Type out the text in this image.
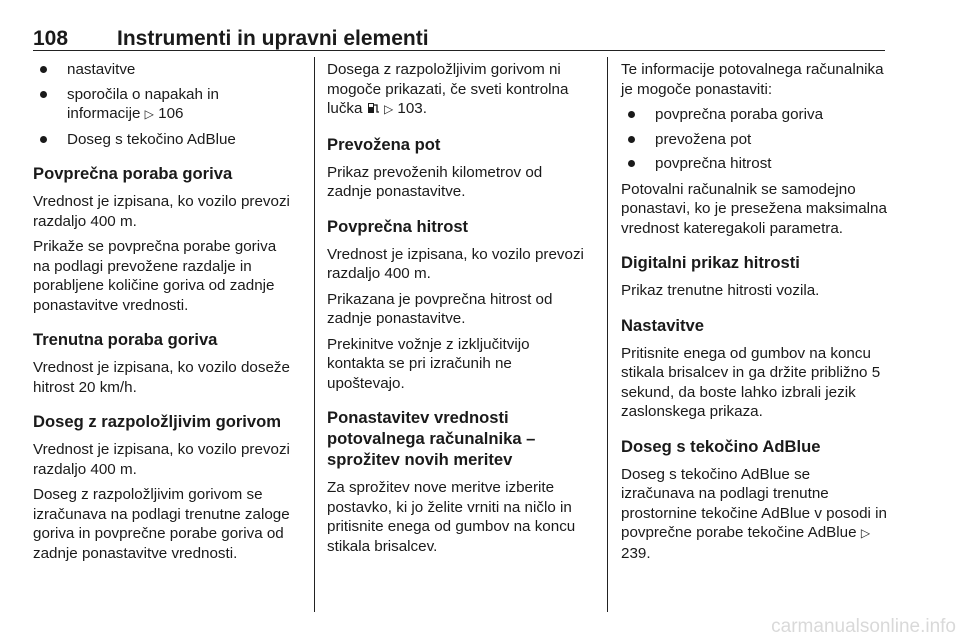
108 Instrumenti in upravni elementi
nastavitve
sporočila o napakah in informacije ▷ 106
Doseg s tekočino AdBlue
Povprečna poraba goriva

Vrednost je izpisana, ko vozilo prevozi razdaljo 400 m.

Prikaže se povprečna porabe goriva na podlagi prevožene razdalje in porabljene količine goriva od zadnje ponastavitve vrednosti.

Trenutna poraba goriva

Vrednost je izpisana, ko vozilo doseže hitrost 20 km/h.

Doseg z razpoložljivim gorivom

Vrednost je izpisana, ko vozilo prevozi razdaljo 400 m.

Doseg z razpoložljivim gorivom se izračunava na podlagi trenutne zaloge goriva in povprečne porabe goriva od zadnje ponastavitve vrednosti.

Dosega z razpoložljivim gorivom ni mogoče prikazati, če sveti kontrolna lučka ▷ 103.

Prevožena pot

Prikaz prevoženih kilometrov od zadnje ponastavitve.

Povprečna hitrost

Vrednost je izpisana, ko vozilo prevozi razdaljo 400 m.

Prikazana je povprečna hitrost od zadnje ponastavitve.

Prekinitve vožnje z izključitvijo kontakta se pri izračunih ne upoštevajo.

Ponastavitev vrednosti
potovalnega računalnika –
sprožitev novih meritev

Za sprožitev nove meritve izberite postavko, ki jo želite vrniti na ničlo in pritisnite enega od gumbov na koncu stikala brisalcev.

Te informacije potovalnega računalnika je mogoče ponastaviti:

povprečna poraba goriva
prevožena pot
povprečna hitrost

Potovalni računalnik se samodejno ponastavi, ko je presežena maksimalna vrednost kateregakoli parametra.

Digitalni prikaz hitrosti

Prikaz trenutne hitrosti vozila.

Nastavitve

Pritisnite enega od gumbov na koncu stikala brisalcev in ga držite približno 5 sekund, da boste lahko izbrali jezik zaslonskega prikaza.

Doseg s tekočino AdBlue

Doseg s tekočino AdBlue se izračunava na podlagi trenutne prostornine tekočine AdBlue v posodi in povprečne porabe tekočine AdBlue ▷ 239.

carmanualsonline.info
